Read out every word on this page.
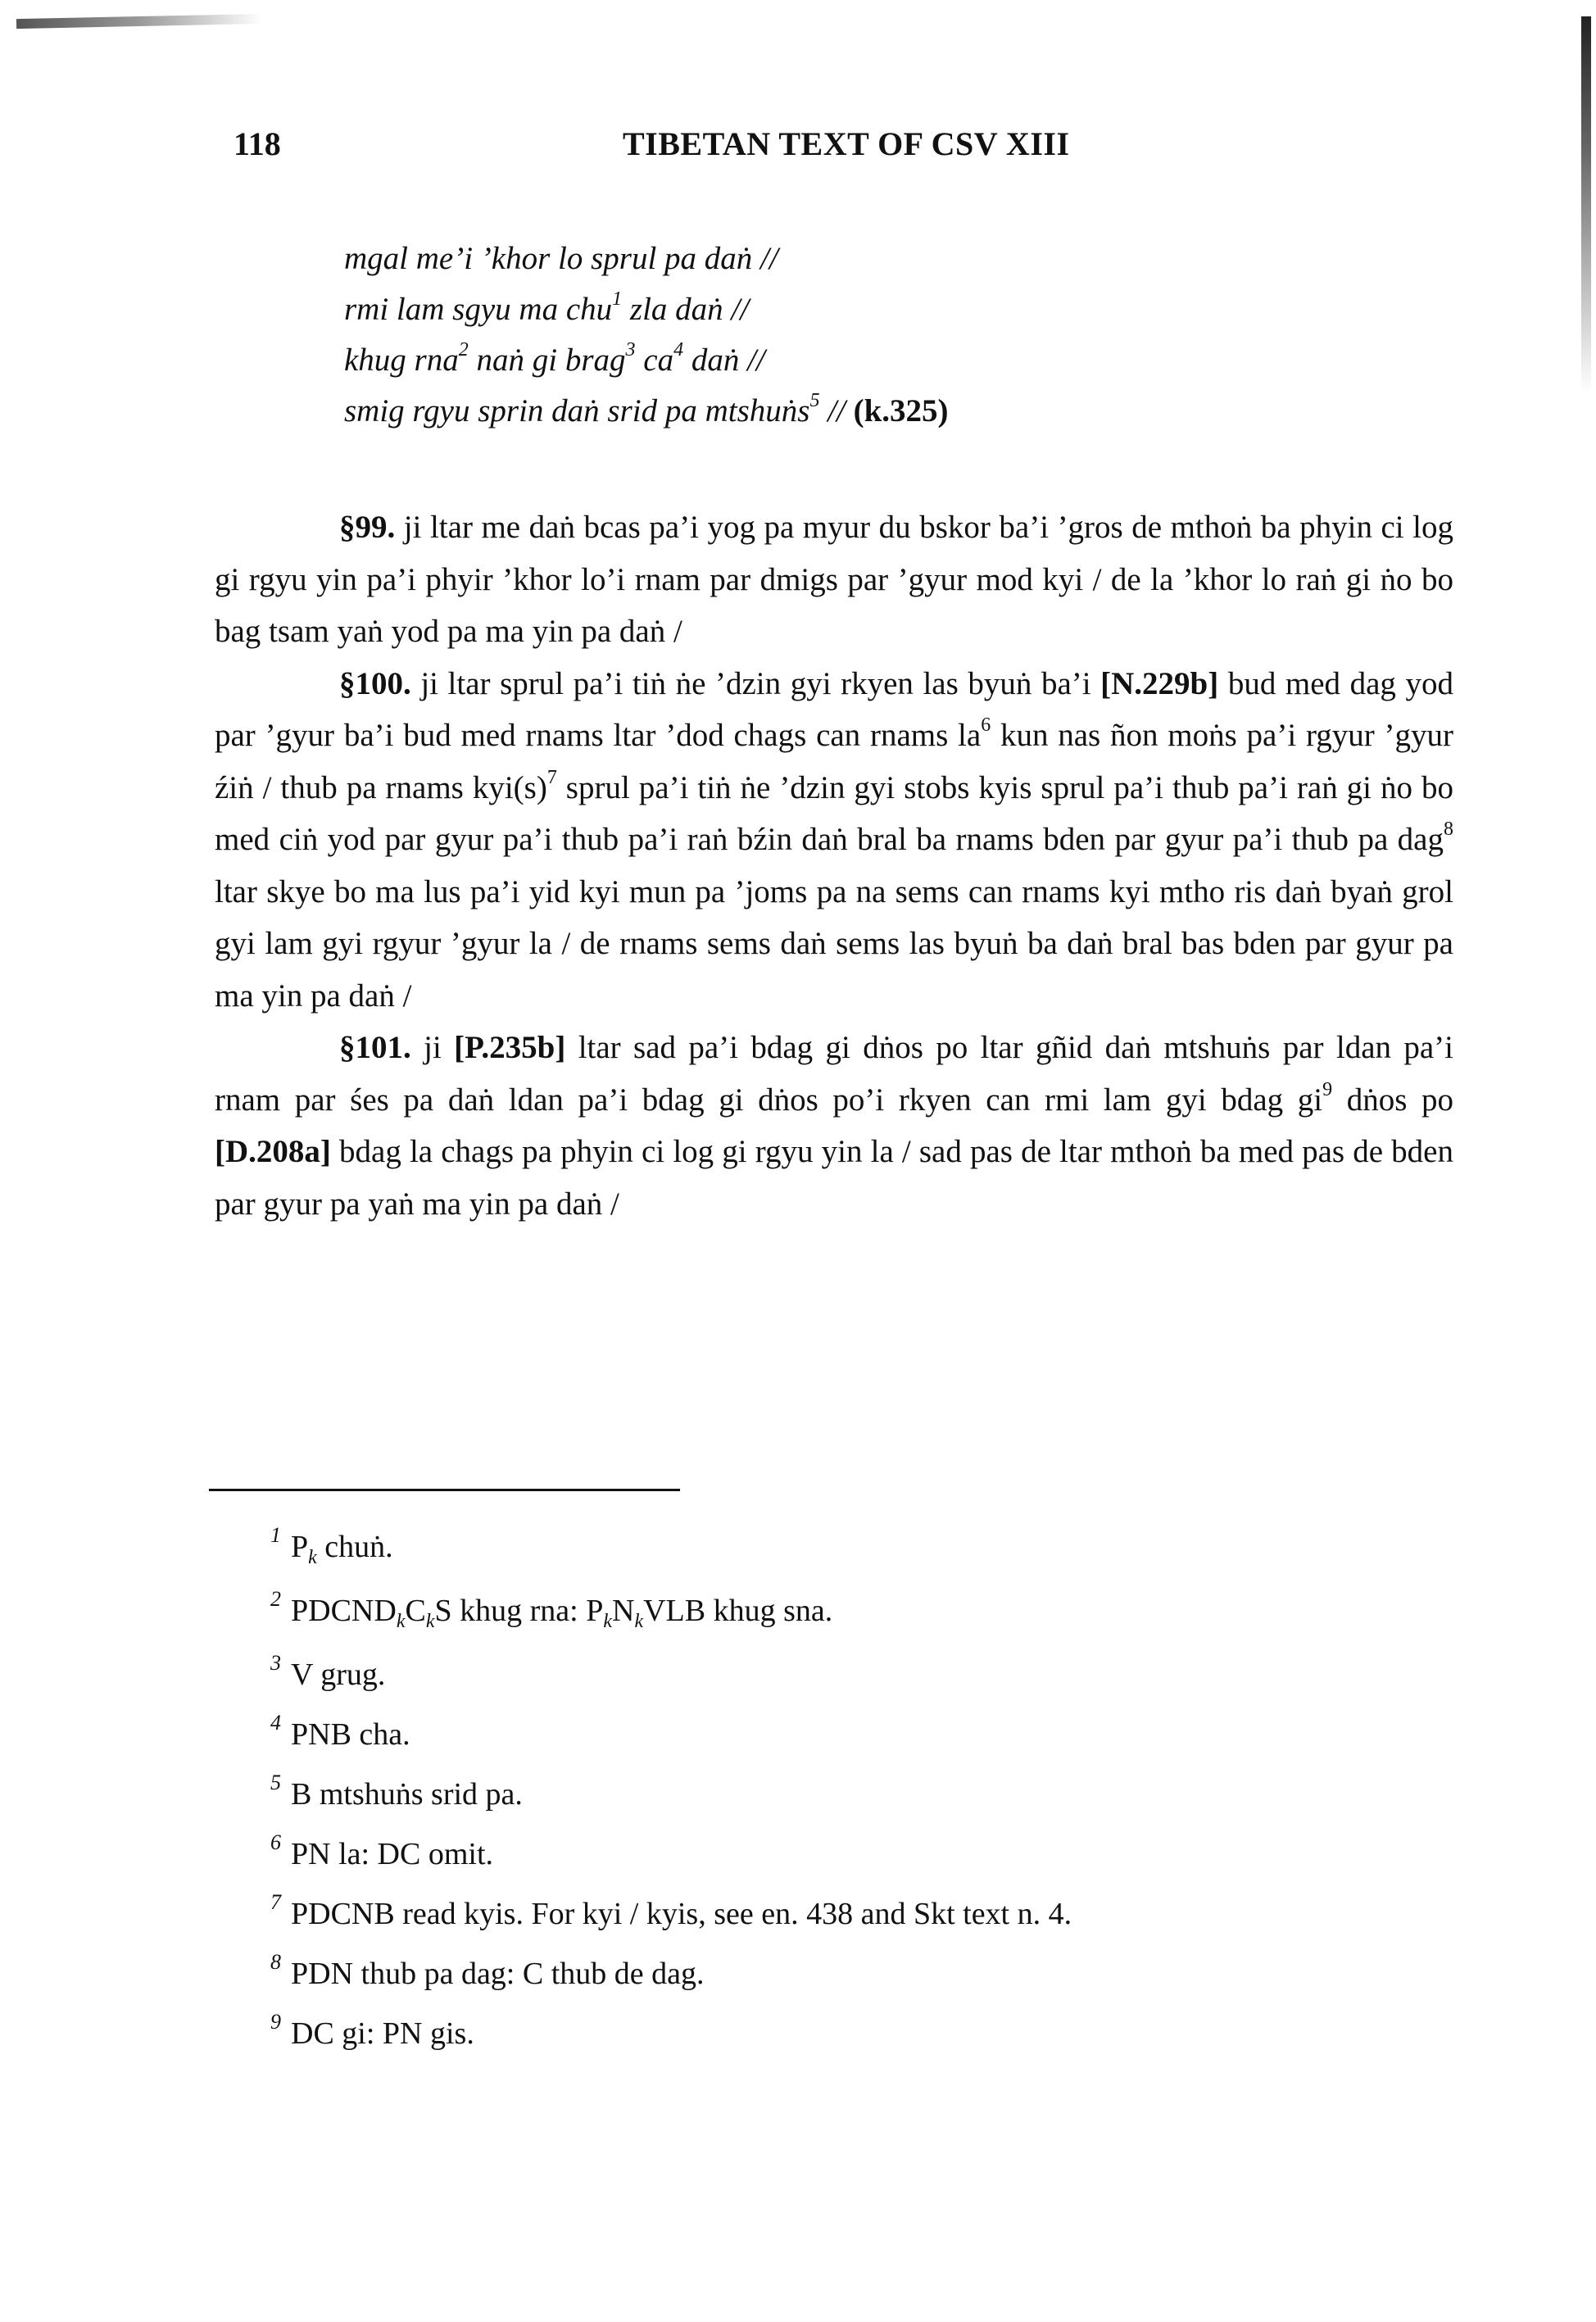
118	TIBETAN TEXT OF CSV XIII
mgal me’i ’khor lo sprul pa daṅ //
rmi lam sgyu ma chu$^1$ zla daṅ //
khug rna$^2$ naṅ gi brag$^3$ $ca^4$ daṅ //
smig rgyu sprin daṅ srid pa mtshuṅs$^5$ // (k.325)

§99. ji ltar me daṅ bcas pa’i yog pa myur du bskor ba’i ’gros de mthoṅ ba phyin ci log gi rgyu yin pa’i phyir ’khor lo’i rnam par dmigs par ’gyur mod kyi / de la ’khor lo raṅ gi ṅo bo bag tsam yaṅ yod pa ma yin pa daṅ /

§100. ji ltar sprul pa’i tiṅ ṅe ’dzin gyi rkyen las byuṅ ba’i [N.229b] bud med dag yod par ’gyur ba’i bud med rnams ltar ’dod chags can rnams $la^6$ kun nas ñon moṅs pa’i rgyur ’gyur źiṅ / thub pa rnams $kyi(s)^7$ sprul pa’i tiṅ ṅe ’dzin gyi stobs kyis sprul pa’i thub pa’i raṅ gi ṅo bo med ciṅ yod par gyur pa’i thub pa’i raṅ bźin daṅ bral ba rnams bden par gyur pa’i thub pa dag$^8$ ltar skye bo ma lus pa’i yid kyi mun pa ’joms pa na sems can rnams kyi mtho ris daṅ byaṅ grol gyi lam gyi rgyur ’gyur la / de rnams sems daṅ sems las byuṅ ba daṅ bral bas bden par gyur pa ma yin pa daṅ /

§101. ji [P.235b] ltar sad pa’i bdag gi dṅos po ltar gñid daṅ mtshuṅs par ldan pa’i rnam par śes pa daṅ ldan pa’i bdag gi dṅos po’i rkyen can rmi lam gyi bdag $gi^9$ dṅos po [D.208a] bdag la chags pa phyin ci log gi rgyu yin la / sad pas de ltar mthoṅ ba med pas de bden par gyur pa yaṅ ma yin pa daṅ /

$^1$ $P_k$ chuṅ.
$^2$ $PDCND_kC_kS$ khug rna: $P_kN_kVLB$ khug sna.
$^3$ V grug.
$^4$ PNB cha.
$^5$ B mtshuṅs srid pa.
$^6$ PN la: DC omit.
$^7$ PDCNB read kyis. For kyi / kyis, see en. 438 and Skt text n. 4.
$^8$ PDN thub pa dag: C thub de dag.
$^9$ DC gi: PN gis.
